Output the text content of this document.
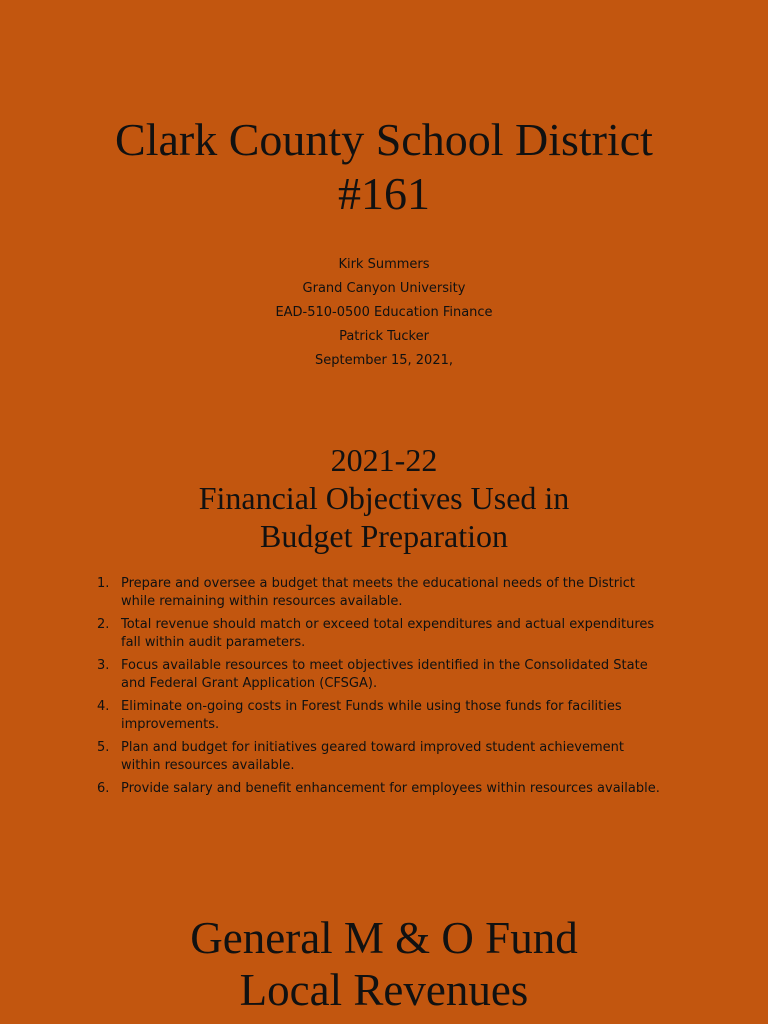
Clark County School District
#161
Kirk Summers
Grand Canyon University
EAD-510-0500 Education Finance
Patrick Tucker
September 15, 2021,
2021-22
Financial Objectives Used in
Budget Preparation
1. Prepare and oversee a budget that meets the educational needs of the District
while remaining within resources available.
2. Total revenue should match or exceed total expenditures and actual expenditures
fall within audit parameters.
3. Focus available resources to meet objectives identified in the Consolidated State
and Federal Grant Application (CFSGA).
4. Eliminate on-going costs in Forest Funds while using those funds for facilities
improvements.
5. Plan and budget for initiatives geared toward improved student achievement
within resources available.
6. Provide salary and benefit enhancement for employees within resources available.
General M & O Fund
Local Revenues
